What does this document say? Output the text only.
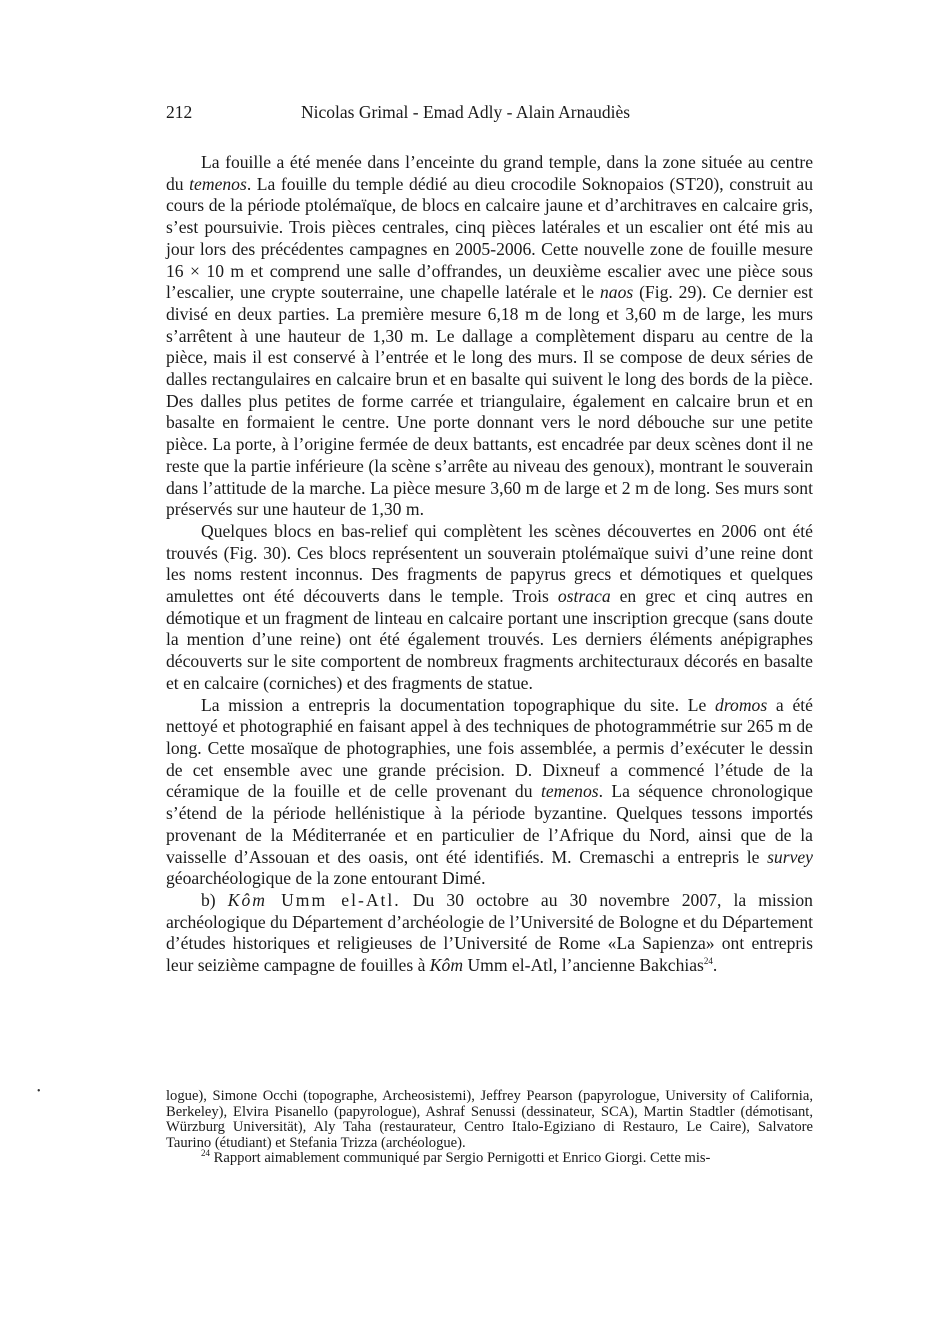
212	Nicolas Grimal - Emad Adly - Alain Arnaudiès

La fouille a été menée dans l’enceinte du grand temple, dans la zone située au centre du temenos. La fouille du temple dédié au dieu crocodile Soknopaios (ST20), construit au cours de la période ptolémaïque, de blocs en calcaire jaune et d’architraves en calcaire gris, s’est poursuivie. Trois pièces centrales, cinq pièces latérales et un escalier ont été mis au jour lors des précédentes campagnes en 2005-2006. Cette nouvelle zone de fouille mesure 16 × 10 m et comprend une salle d’offrandes, un deuxième escalier avec une pièce sous l’escalier, une crypte souterraine, une chapelle latérale et le naos (Fig. 29). Ce dernier est divisé en deux parties. La première mesure 6,18 m de long et 3,60 m de large, les murs s’arrêtent à une hauteur de 1,30 m. Le dallage a complètement disparu au centre de la pièce, mais il est conservé à l’entrée et le long des murs. Il se compose de deux séries de dalles rectangulaires en calcaire brun et en basalte qui suivent le long des bords de la pièce. Des dalles plus petites de forme carrée et triangulaire, également en calcaire brun et en basalte en formaient le centre. Une porte donnant vers le nord débouche sur une petite pièce. La porte, à l’origine fermée de deux battants, est encadrée par deux scènes dont il ne reste que la partie inférieure (la scène s’arrête au niveau des genoux), montrant le souverain dans l’attitude de la marche. La pièce mesure 3,60 m de large et 2 m de long. Ses murs sont préservés sur une hauteur de 1,30 m.

Quelques blocs en bas-relief qui complètent les scènes découvertes en 2006 ont été trouvés (Fig. 30). Ces blocs représentent un souverain ptolémaïque suivi d’une reine dont les noms restent inconnus. Des fragments de papyrus grecs et démotiques et quelques amulettes ont été découverts dans le temple. Trois ostraca en grec et cinq autres en démotique et un fragment de linteau en calcaire portant une inscription grecque (sans doute la mention d’une reine) ont été également trouvés. Les derniers éléments anépigraphes découverts sur le site comportent de nombreux fragments architecturaux décorés en basalte et en calcaire (corniches) et des fragments de statue.

La mission a entrepris la documentation topographique du site. Le dromos a été nettoyé et photographié en faisant appel à des techniques de photogrammétrie sur 265 m de long. Cette mosaïque de photographies, une fois assemblée, a permis d’exécuter le dessin de cet ensemble avec une grande précision. D. Dixneuf a commencé l’étude de la céramique de la fouille et de celle provenant du temenos. La séquence chronologique s’étend de la période hellénistique à la période byzantine. Quelques tessons importés provenant de la Méditerranée et en particulier de l’Afrique du Nord, ainsi que de la vaisselle d’Assouan et des oasis, ont été identifiés. M. Cremaschi a entrepris le survey géoarchéologique de la zone entourant Dimé.

b) Kôm Umm el-Atl. Du 30 octobre au 30 novembre 2007, la mission archéologique du Département d’archéologie de l’Université de Bologne et du Département d’études historiques et religieuses de l’Université de Rome «La Sapienza» ont entrepris leur seizième campagne de fouilles à Kôm Umm el-Atl, l’ancienne Bakchias$^{24}$.

•	logue), Simone Occhi (topographe, Archeosistemi), Jeffrey Pearson (papyrologue, University of California, Berkeley), Elvira Pisanello (papyrologue), Ashraf Senussi (dessinateur, SCA), Martin Stadtler (démotisant, Würzburg Universität), Aly Taha (restaurateur, Centro Italo-Egiziano di Restauro, Le Caire), Salvatore Taurino (étudiant) et Stefania Trizza (archéologue).

$^{24}$ Rapport aimablement communiqué par Sergio Pernigotti et Enrico Giorgi. Cette mis-
